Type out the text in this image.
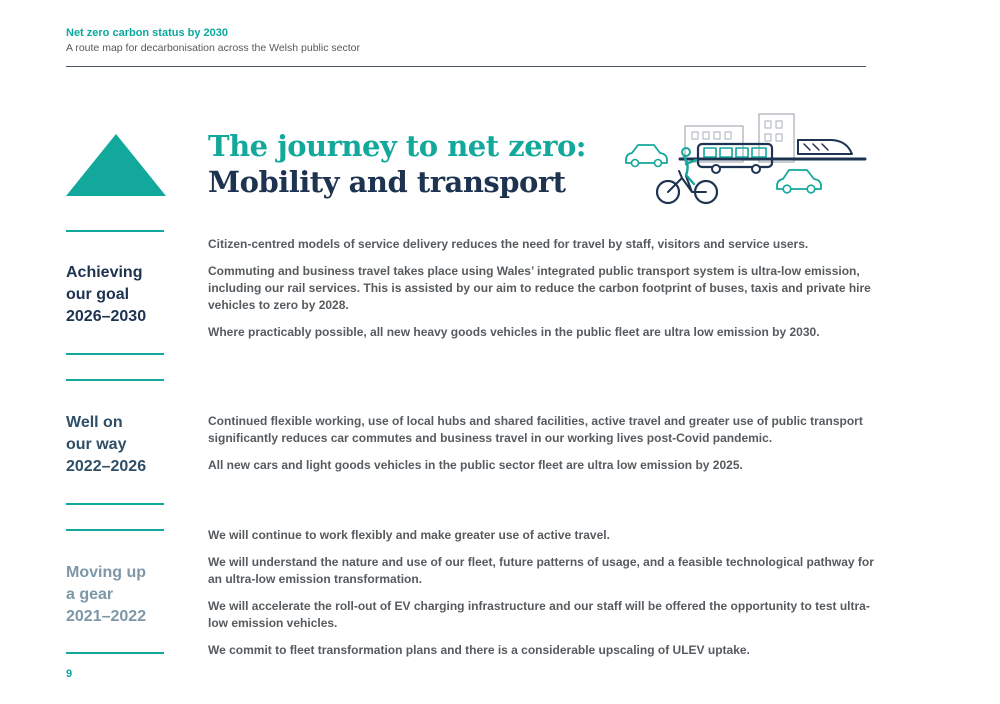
Net zero carbon status by 2030
A route map for decarbonisation across the Welsh public sector
The journey to net zero:
Mobility and transport
Achieving
our goal
2026–2030
Well on
our way
2022–2026
Moving up
a gear
2021–2022

Citizen-centred models of service delivery reduces the need for travel by staff, visitors and service users.

Commuting and business travel takes place using Wales’ integrated public transport system is ultra-low emission, including our rail services. This is assisted by our aim to reduce the carbon footprint of buses, taxis and private hire vehicles to zero by 2028.

Where practicably possible, all new heavy goods vehicles in the public fleet are ultra low emission by 2030.

Continued flexible working, use of local hubs and shared facilities, active travel and greater use of public transport significantly reduces car commutes and business travel in our working lives post-Covid pandemic.

All new cars and light goods vehicles in the public sector fleet are ultra low emission by 2025.

We will continue to work flexibly and make greater use of active travel.

We will understand the nature and use of our fleet, future patterns of usage, and a feasible technological pathway for an ultra-low emission transformation.

We will accelerate the roll-out of EV charging infrastructure and our staff will be offered the opportunity to test ultra-low emission vehicles.

We commit to fleet transformation plans and there is a considerable upscaling of ULEV uptake.

9
